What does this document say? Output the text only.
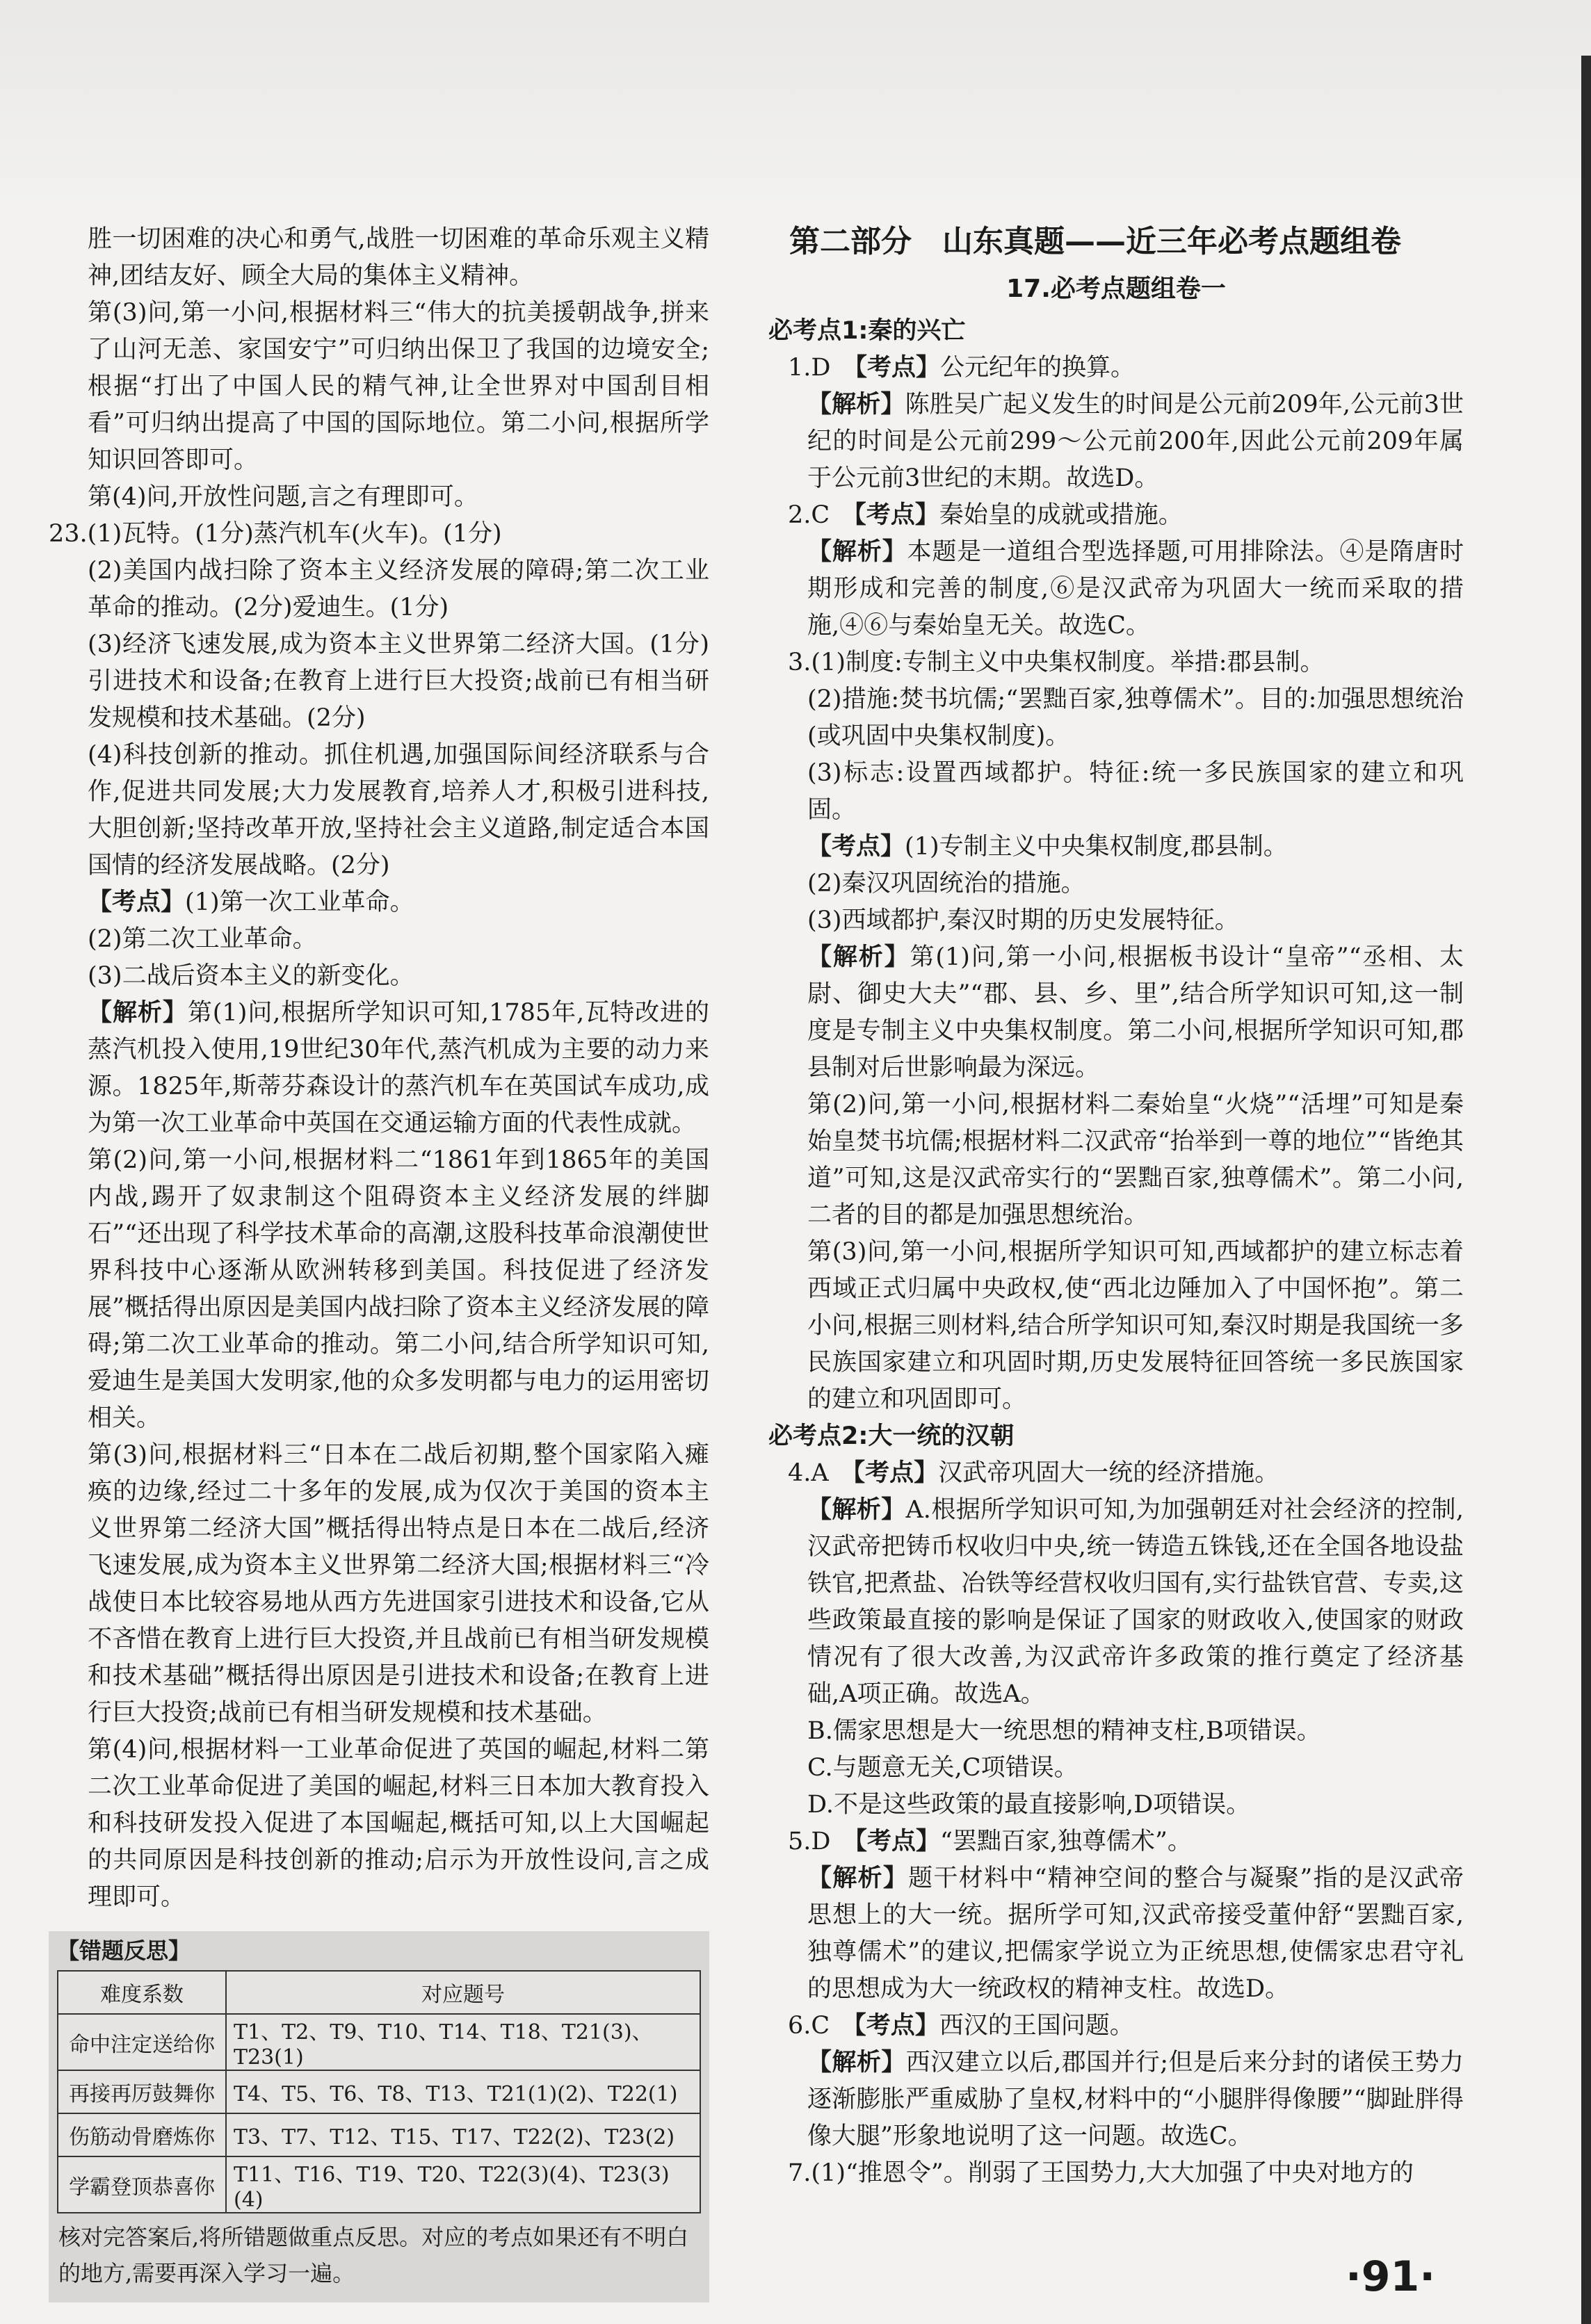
胜一切困难的决心和勇气,战胜一切困难的革命乐观主义精神,团结友好、顾全大局的集体主义精神。

第(3)问,第一小问,根据材料三“伟大的抗美援朝战争,拼来了山河无恙、家国安宁”可归纳出保卫了我国的边境安全;根据“打出了中国人民的精气神,让全世界对中国刮目相看”可归纳出提高了中国的国际地位。第二小问,根据所学知识回答即可。

第(4)问,开放性问题,言之有理即可。

23.(1)瓦特。(1分)蒸汽机车(火车)。(1分)

(2)美国内战扫除了资本主义经济发展的障碍;第二次工业革命的推动。(2分)爱迪生。(1分)

(3)经济飞速发展,成为资本主义世界第二经济大国。(1分)引进技术和设备;在教育上进行巨大投资;战前已有相当研发规模和技术基础。(2分)

(4)科技创新的推动。抓住机遇,加强国际间经济联系与合作,促进共同发展;大力发展教育,培养人才,积极引进科技,大胆创新;坚持改革开放,坚持社会主义道路,制定适合本国国情的经济发展战略。(2分)

【考点】(1)第一次工业革命。

(2)第二次工业革命。

(3)二战后资本主义的新变化。

【解析】第(1)问,根据所学知识可知,1785年,瓦特改进的蒸汽机投入使用,19世纪30年代,蒸汽机成为主要的动力来源。1825年,斯蒂芬森设计的蒸汽机车在英国试车成功,成为第一次工业革命中英国在交通运输方面的代表性成就。

第(2)问,第一小问,根据材料二“1861年到1865年的美国内战,踢开了奴隶制这个阻碍资本主义经济发展的绊脚石”“还出现了科学技术革命的高潮,这股科技革命浪潮使世界科技中心逐渐从欧洲转移到美国。科技促进了经济发展”概括得出原因是美国内战扫除了资本主义经济发展的障碍;第二次工业革命的推动。第二小问,结合所学知识可知,爱迪生是美国大发明家,他的众多发明都与电力的运用密切相关。

第(3)问,根据材料三“日本在二战后初期,整个国家陷入瘫痪的边缘,经过二十多年的发展,成为仅次于美国的资本主义世界第二经济大国”概括得出特点是日本在二战后,经济飞速发展,成为资本主义世界第二经济大国;根据材料三“冷战使日本比较容易地从西方先进国家引进技术和设备,它从不吝惜在教育上进行巨大投资,并且战前已有相当研发规模和技术基础”概括得出原因是引进技术和设备;在教育上进行巨大投资;战前已有相当研发规模和技术基础。

第(4)问,根据材料一工业革命促进了英国的崛起,材料二第二次工业革命促进了美国的崛起,材料三日本加大教育投入和科技研发投入促进了本国崛起,概括可知,以上大国崛起的共同原因是科技创新的推动;启示为开放性设问,言之成理即可。

【错题反思】
难度系数	对应题号
命中注定送给你	T1、T2、T9、T10、T14、T18、T21(3)、T23(1)
再接再厉鼓舞你	T4、T5、T6、T8、T13、T21(1)(2)、T22(1)
伤筋动骨磨炼你	T3、T7、T12、T15、T17、T22(2)、T23(2)
学霸登顶恭喜你	T11、T16、T19、T20、T22(3)(4)、T23(3)(4)
核对完答案后,将所错题做重点反思。对应的考点如果还有不明白的地方,需要再深入学习一遍。
第二部分　山东真题——近三年必考点题组卷
17.必考点题组卷一

必考点1:秦的兴亡

1.D　【考点】公元纪年的换算。

【解析】陈胜吴广起义发生的时间是公元前209年,公元前3世纪的时间是公元前299～公元前200年,因此公元前209年属于公元前3世纪的末期。故选D。

2.C　【考点】秦始皇的成就或措施。

【解析】本题是一道组合型选择题,可用排除法。④是隋唐时期形成和完善的制度,⑥是汉武帝为巩固大一统而采取的措施,④⑥与秦始皇无关。故选C。

3.(1)制度:专制主义中央集权制度。举措:郡县制。

(2)措施:焚书坑儒;“罢黜百家,独尊儒术”。目的:加强思想统治(或巩固中央集权制度)。

(3)标志:设置西域都护。特征:统一多民族国家的建立和巩固。

【考点】(1)专制主义中央集权制度,郡县制。

(2)秦汉巩固统治的措施。

(3)西域都护,秦汉时期的历史发展特征。

【解析】第(1)问,第一小问,根据板书设计“皇帝”“丞相、太尉、御史大夫”“郡、县、乡、里”,结合所学知识可知,这一制度是专制主义中央集权制度。第二小问,根据所学知识可知,郡县制对后世影响最为深远。

第(2)问,第一小问,根据材料二秦始皇“火烧”“活埋”可知是秦始皇焚书坑儒;根据材料二汉武帝“抬举到一尊的地位”“皆绝其道”可知,这是汉武帝实行的“罢黜百家,独尊儒术”。第二小问,二者的目的都是加强思想统治。

第(3)问,第一小问,根据所学知识可知,西域都护的建立标志着西域正式归属中央政权,使“西北边陲加入了中国怀抱”。第二小问,根据三则材料,结合所学知识可知,秦汉时期是我国统一多民族国家建立和巩固时期,历史发展特征回答统一多民族国家的建立和巩固即可。

必考点2:大一统的汉朝

4.A　【考点】汉武帝巩固大一统的经济措施。

【解析】A.根据所学知识可知,为加强朝廷对社会经济的控制,汉武帝把铸币权收归中央,统一铸造五铢钱,还在全国各地设盐铁官,把煮盐、冶铁等经营权收归国有,实行盐铁官营、专卖,这些政策最直接的影响是保证了国家的财政收入,使国家的财政情况有了很大改善,为汉武帝许多政策的推行奠定了经济基础,A项正确。故选A。

B.儒家思想是大一统思想的精神支柱,B项错误。

C.与题意无关,C项错误。

D.不是这些政策的最直接影响,D项错误。

5.D　【考点】“罢黜百家,独尊儒术”。

【解析】题干材料中“精神空间的整合与凝聚”指的是汉武帝思想上的大一统。据所学可知,汉武帝接受董仲舒“罢黜百家,独尊儒术”的建议,把儒家学说立为正统思想,使儒家忠君守礼的思想成为大一统政权的精神支柱。故选D。

6.C　【考点】西汉的王国问题。

【解析】西汉建立以后,郡国并行;但是后来分封的诸侯王势力逐渐膨胀严重威胁了皇权,材料中的“小腿胖得像腰”“脚趾胖得像大腿”形象地说明了这一问题。故选C。

7.(1)“推恩令”。削弱了王国势力,大大加强了中央对地方的

·91·
